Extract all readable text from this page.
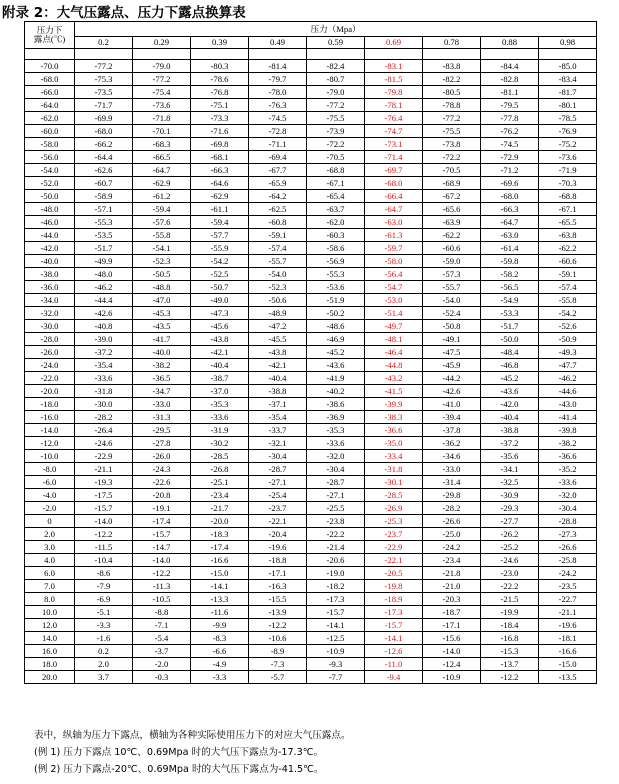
附录 2：大气压露点、压力下露点换算表
压力下
露点(℃)	压力（Mpa）								
	0.2	0.29	0.39	0.49	0.59	0.69	0.78	0.88	0.98

-70.0	-77.2	-79.0	-80.3	-81.4	-82.4	-83.1	-83.8	-84.4	-85.0
-68.0	-75.3	-77.2	-78.6	-79.7	-80.7	-81.5	-82.2	-82.8	-83.4
-66.0	-73.5	-75.4	-76.8	-78.0	-79.0	-79.8	-80.5	-81.1	-81.7
-64.0	-71.7	-73.6	-75.1	-76.3	-77.2	-78.1	-78.8	-79.5	-80.1
-62.0	-69.9	-71.8	-73.3	-74.5	-75.5	-76.4	-77.2	-77.8	-78.5
-60.0	-68.0	-70.1	-71.6	-72.8	-73.9	-74.7	-75.5	-76.2	-76.9
-58.0	-66.2	-68.3	-69.8	-71.1	-72.2	-73.1	-73.8	-74.5	-75.2
-56.0	-64.4	-66.5	-68.1	-69.4	-70.5	-71.4	-72.2	-72.9	-73.6
-54.0	-62.6	-64.7	-66.3	-67.7	-68.8	-69.7	-70.5	-71.2	-71.9
-52.0	-60.7	-62.9	-64.6	-65.9	-67.1	-68.0	-68.9	-69.6	-70.3
-50.0	-58.9	-61.2	-62.9	-64.2	-65.4	-66.4	-67.2	-68.0	-68.8
-48.0	-57.1	-59.4	-61.1	-62.5	-63.7	-64.7	-65.6	-66.3	-67.1
-46.0	-55.3	-57.6	-59.4	-60.8	-62.0	-63.0	-63.9	-64.7	-65.5
-44.0	-53.5	-55.8	-57.7	-59.1	-60.3	-61.3	-62.2	-63.0	-63.8
-42.0	-51.7	-54.1	-55.9	-57.4	-58.6	-59.7	-60.6	-61.4	-62.2
-40.0	-49.9	-52.3	-54.2	-55.7	-56.9	-58.0	-59.0	-59.8	-60.6
-38.0	-48.0	-50.5	-52.5	-54.0	-55.3	-56.4	-57.3	-58.2	-59.1
-36.0	-46.2	-48.8	-50.7	-52.3	-53.6	-54.7	-55.7	-56.5	-57.4
-34.0	-44.4	-47.0	-49.0	-50.6	-51.9	-53.0	-54.0	-54.9	-55.8
-32.0	-42.6	-45.3	-47.3	-48.9	-50.2	-51.4	-52.4	-53.3	-54.2
-30.0	-40.8	-43.5	-45.6	-47.2	-48.6	-49.7	-50.8	-51.7	-52.6
-28.0	-39.0	-41.7	-43.8	-45.5	-46.9	-48.1	-49.1	-50.0	-50.9
-26.0	-37.2	-40.0	-42.1	-43.8	-45.2	-46.4	-47.5	-48.4	-49.3
-24.0	-35.4	-38.2	-40.4	-42.1	-43.6	-44.8	-45.9	-46.8	-47.7
-22.0	-33.6	-36.5	-38.7	-40.4	-41.9	-43.2	-44.2	-45.2	-46.2
-20.0	-31.8	-34.7	-37.0	-38.8	-40.2	-41.5	-42.6	-43.6	-44.6
-18.0	-30.0	-33.0	-35.3	-37.1	-38.6	-39.9	-41.0	-42.0	-43.0
-16.0	-28.2	-31.3	-33.6	-35.4	-36.9	-38.3	-39.4	-40.4	-41.4
-14.0	-26.4	-29.5	-31.9	-33.7	-35.3	-36.6	-37.8	-38.8	-39.8
-12.0	-24.6	-27.8	-30.2	-32.1	-33.6	-35.0	-36.2	-37.2	-38.2
-10.0	-22.9	-26.0	-28.5	-30.4	-32.0	-33.4	-34.6	-35.6	-36.6
-8.0	-21.1	-24.3	-26.8	-28.7	-30.4	-31.8	-33.0	-34.1	-35.2
-6.0	-19.3	-22.6	-25.1	-27.1	-28.7	-30.1	-31.4	-32.5	-33.6
-4.0	-17.5	-20.8	-23.4	-25.4	-27.1	-28.5	-29.8	-30.9	-32.0
-2.0	-15.7	-19.1	-21.7	-23.7	-25.5	-26.9	-28.2	-29.3	-30.4
0	-14.0	-17.4	-20.0	-22.1	-23.8	-25.3	-26.6	-27.7	-28.8
2.0	-12.2	-15.7	-18.3	-20.4	-22.2	-23.7	-25.0	-26.2	-27.3
3.0	-11.5	-14.7	-17.4	-19.6	-21.4	-22.9	-24.2	-25.2	-26.6
4.0	-10.4	-14.0	-16.6	-18.8	-20.6	-22.1	-23.4	-24.6	-25.8
6.0	-8.6	-12.2	-15.0	-17.1	-19.0	-20.5	-21.8	-23.0	-24.2
7.0	-7.9	-11.3	-14.1	-16.3	-18.2	-19.8	-21.0	-22.2	-23.5
8.0	-6.9	-10.5	-13.3	-15.5	-17.3	-18.9	-20.3	-21.5	-22.7
10.0	-5.1	-8.8	-11.6	-13.9	-15.7	-17.3	-18.7	-19.9	-21.1
12.0	-3.3	-7.1	-9.9	-12.2	-14.1	-15.7	-17.1	-18.4	-19.6
14.0	-1.6	-5.4	-8.3	-10.6	-12.5	-14.1	-15.6	-16.8	-18.1
16.0	0.2	-3.7	-6.6	-8.9	-10.9	-12.6	-14.0	-15.3	-16.6
18.0	2.0	-2.0	-4.9	-7.3	-9.3	-11.0	-12.4	-13.7	-15.0
20.0	3.7	-0.3	-3.3	-5.7	-7.7	-9.4	-10.9	-12.2	-13.5
表中，纵轴为压力下露点，横轴为各种实际使用压力下的对应大气压露点。
(例 1) 压力下露点 10℃、0.69Mpa 时的大气压下露点为-17.3℃。
(例 2) 压力下露点-20℃、0.69Mpa 时的大气压下露点为-41.5℃。
